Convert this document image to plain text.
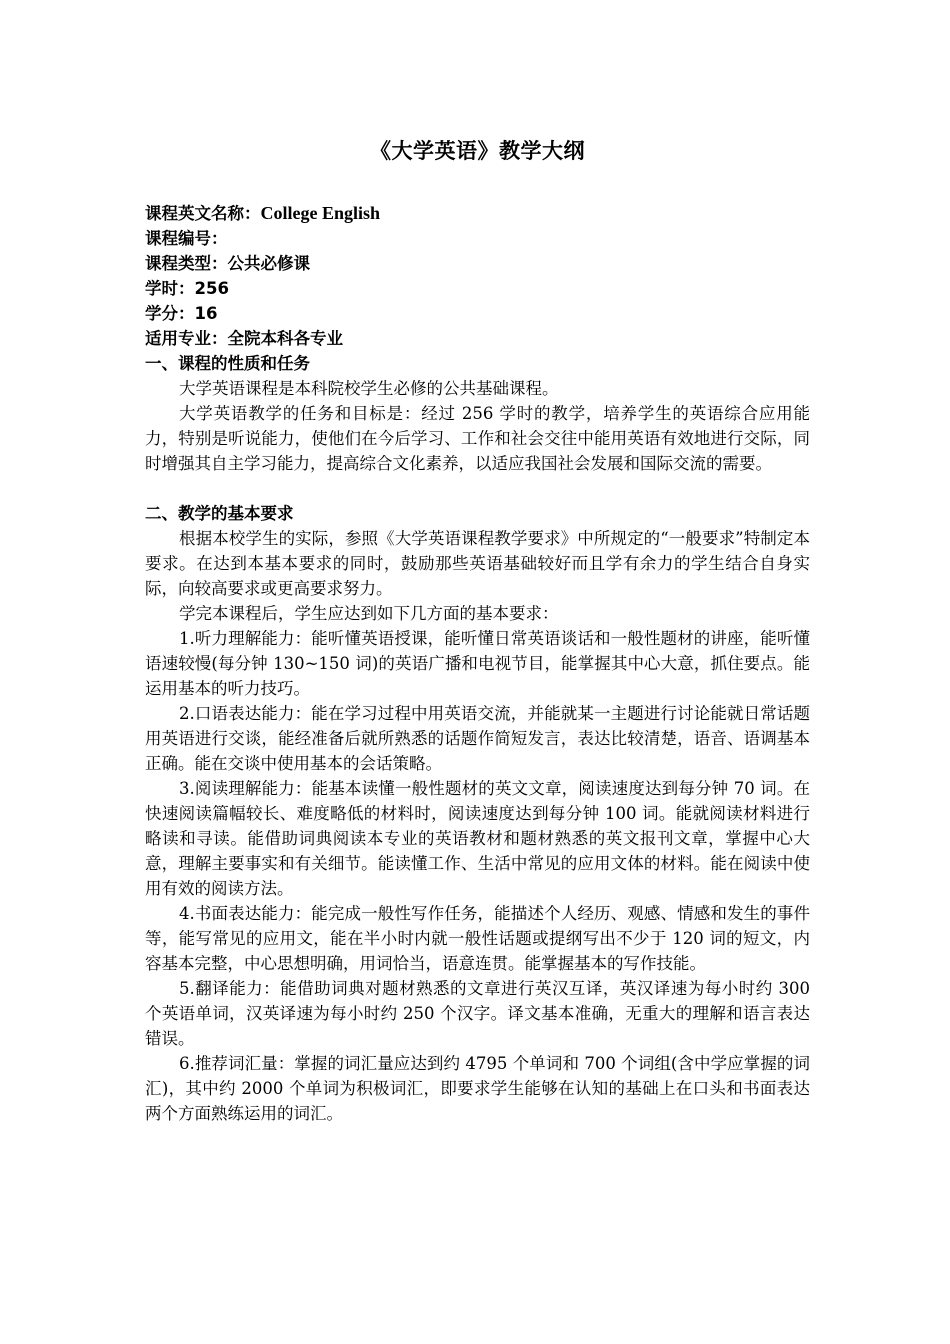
《大学英语》教学大纲
课程英文名称：College English
课程编号：
课程类型：公共必修课
学时：256
学分：16
适用专业：全院本科各专业
一、课程的性质和任务

大学英语课程是本科院校学生必修的公共基础课程。

大学英语教学的任务和目标是：经过 256 学时的教学，培养学生的英语综合应用能力，特别是听说能力，使他们在今后学习、工作和社会交往中能用英语有效地进行交际，同时增强其自主学习能力，提高综合文化素养，以适应我国社会发展和国际交流的需要。

二、教学的基本要求

根据本校学生的实际，参照《大学英语课程教学要求》中所规定的“一般要求”特制定本要求。在达到本基本要求的同时，鼓励那些英语基础较好而且学有余力的学生结合自身实际，向较高要求或更高要求努力。

学完本课程后，学生应达到如下几方面的基本要求：

1.听力理解能力：能听懂英语授课，能听懂日常英语谈话和一般性题材的讲座，能听懂语速较慢(每分钟 130~150 词)的英语广播和电视节目，能掌握其中心大意，抓住要点。能运用基本的听力技巧。

2.口语表达能力：能在学习过程中用英语交流，并能就某一主题进行讨论能就日常话题用英语进行交谈，能经准备后就所熟悉的话题作简短发言，表达比较清楚，语音、语调基本正确。能在交谈中使用基本的会话策略。

3.阅读理解能力：能基本读懂一般性题材的英文文章，阅读速度达到每分钟 70 词。在快速阅读篇幅较长、难度略低的材料时，阅读速度达到每分钟 100 词。能就阅读材料进行略读和寻读。能借助词典阅读本专业的英语教材和题材熟悉的英文报刊文章，掌握中心大意，理解主要事实和有关细节。能读懂工作、生活中常见的应用文体的材料。能在阅读中使用有效的阅读方法。

4.书面表达能力：能完成一般性写作任务，能描述个人经历、观感、情感和发生的事件等，能写常见的应用文，能在半小时内就一般性话题或提纲写出不少于 120 词的短文，内容基本完整，中心思想明确，用词恰当，语意连贯。能掌握基本的写作技能。

5.翻译能力：能借助词典对题材熟悉的文章进行英汉互译，英汉译速为每小时约 300 个英语单词，汉英译速为每小时约 250 个汉字。译文基本准确，无重大的理解和语言表达错误。

6.推荐词汇量：掌握的词汇量应达到约 4795 个单词和 700 个词组(含中学应掌握的词汇)，其中约 2000 个单词为积极词汇，即要求学生能够在认知的基础上在口头和书面表达两个方面熟练运用的词汇。
